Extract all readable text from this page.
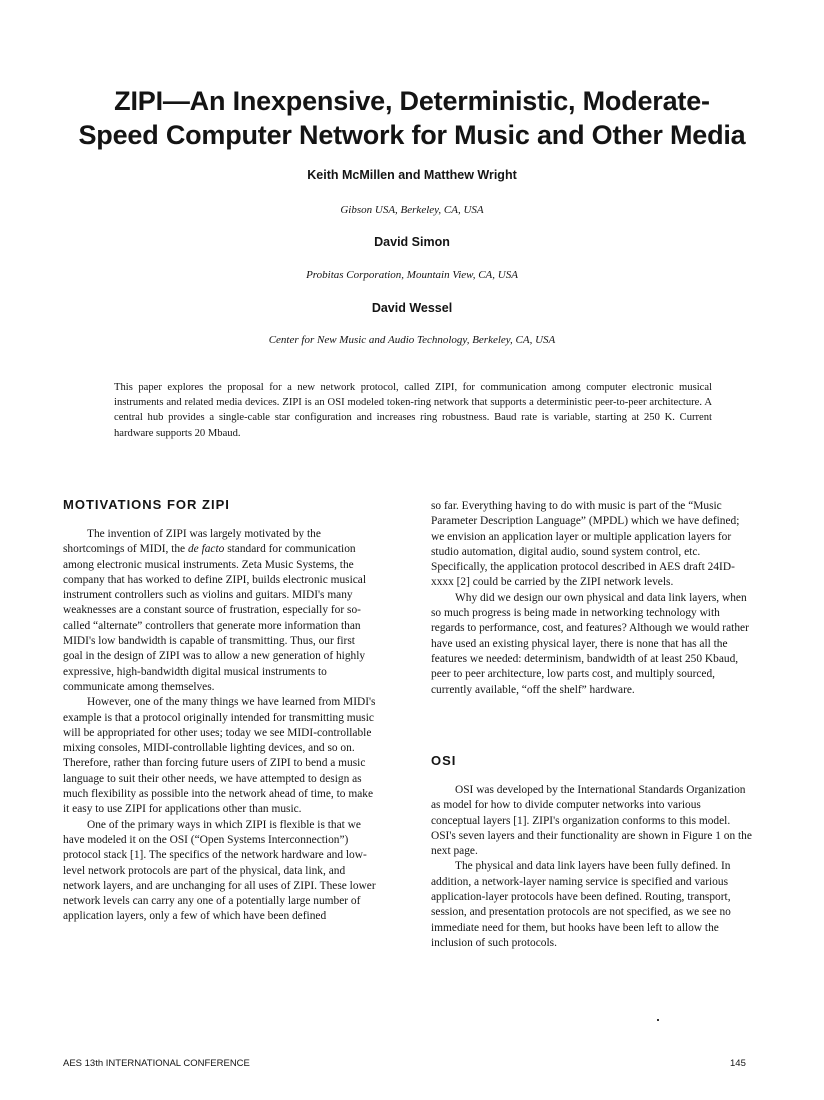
ZIPI—An Inexpensive, Deterministic, Moderate-
Speed Computer Network for Music and Other Media
Keith McMillen and Matthew Wright
Gibson USA, Berkeley, CA, USA
David Simon
Probitas Corporation, Mountain View, CA, USA
David Wessel
Center for New Music and Audio Technology, Berkeley, CA, USA
This paper explores the proposal for a new network protocol, called ZIPI, for communication among computer electronic musical instruments and related media devices. ZIPI is an OSI modeled token-ring network that supports a deterministic peer-to-peer architecture. A central hub provides a single-cable star configuration and increases ring robustness. Baud rate is variable, starting at 250 K. Current hardware supports 20 Mbaud.
MOTIVATIONS FOR ZIPI

The invention of ZIPI was largely motivated by the shortcomings of MIDI, the de facto standard for communication among electronic musical instruments. Zeta Music Systems, the company that has worked to define ZIPI, builds electronic musical instrument controllers such as violins and guitars. MIDI's many weaknesses are a constant source of frustration, especially for so-called “alternate” controllers that generate more information than MIDI's low bandwidth is capable of transmitting. Thus, our first goal in the design of ZIPI was to allow a new generation of highly expressive, high-bandwidth digital musical instruments to communicate among themselves.

However, one of the many things we have learned from MIDI's example is that a protocol originally intended for transmitting music will be appropriated for other uses; today we see MIDI-controllable mixing consoles, MIDI-controllable lighting devices, and so on. Therefore, rather than forcing future users of ZIPI to bend a music language to suit their other needs, we have attempted to design as much flexibility as possible into the network ahead of time, to make it easy to use ZIPI for applications other than music.

One of the primary ways in which ZIPI is flexible is that we have modeled it on the OSI (“Open Systems Interconnection”) protocol stack [1]. The specifics of the network hardware and low-level network protocols are part of the physical, data link, and network layers, and are unchanging for all uses of ZIPI. These lower network levels can carry any one of a potentially large number of application layers, only a few of which have been defined

so far. Everything having to do with music is part of the “Music Parameter Description Language” (MPDL) which we have defined; we envision an application layer or multiple application layers for studio automation, digital audio, sound system control, etc. Specifically, the application protocol described in AES draft 24ID-xxxx [2] could be carried by the ZIPI network levels.

Why did we design our own physical and data link layers, when so much progress is being made in networking technology with regards to performance, cost, and features? Although we would rather have used an existing physical layer, there is none that has all the features we needed: determinism, bandwidth of at least 250 Kbaud, peer to peer architecture, low parts cost, and multiply sourced, currently available, “off the shelf” hardware.

OSI

OSI was developed by the International Standards Organization as model for how to divide computer networks into various conceptual layers [1]. ZIPI's organization conforms to this model. OSI's seven layers and their functionality are shown in Figure 1 on the next page.

The physical and data link layers have been fully defined. In addition, a network-layer naming service is specified and various application-layer protocols have been defined. Routing, transport, session, and presentation protocols are not specified, as we see no immediate need for them, but hooks have been left to allow the inclusion of such protocols.

AES 13th INTERNATIONAL CONFERENCE	145
